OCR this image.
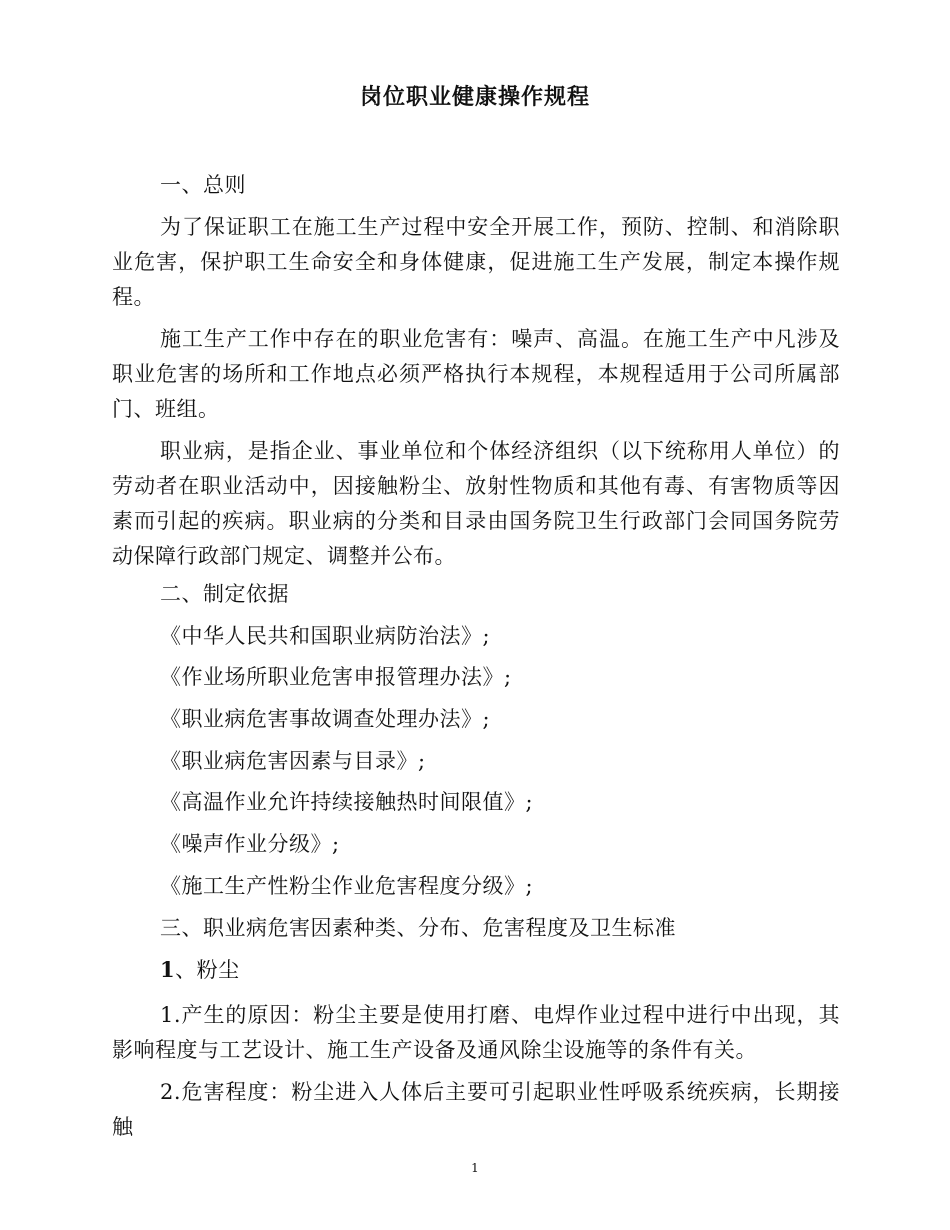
岗位职业健康操作规程

一、总则

为了保证职工在施工生产过程中安全开展工作，预防、控制、和消除职业危害，保护职工生命安全和身体健康，促进施工生产发展，制定本操作规程。

施工生产工作中存在的职业危害有：噪声、高温。在施工生产中凡涉及职业危害的场所和工作地点必须严格执行本规程，本规程适用于公司所属部门、班组。

职业病，是指企业、事业单位和个体经济组织（以下统称用人单位）的劳动者在职业活动中，因接触粉尘、放射性物质和其他有毒、有害物质等因素而引起的疾病。职业病的分类和目录由国务院卫生行政部门会同国务院劳动保障行政部门规定、调整并公布。

二、制定依据

《中华人民共和国职业病防治法》;

《作业场所职业危害申报管理办法》;

《职业病危害事故调查处理办法》;

《职业病危害因素与目录》;

《高温作业允许持续接触热时间限值》;

《噪声作业分级》;

《施工生产性粉尘作业危害程度分级》;

三、职业病危害因素种类、分布、危害程度及卫生标准

1、粉尘

1.产生的原因：粉尘主要是使用打磨、电焊作业过程中进行中出现，其影响程度与工艺设计、施工生产设备及通风除尘设施等的条件有关。

2.危害程度：粉尘进入人体后主要可引起职业性呼吸系统疾病，长期接触

1
